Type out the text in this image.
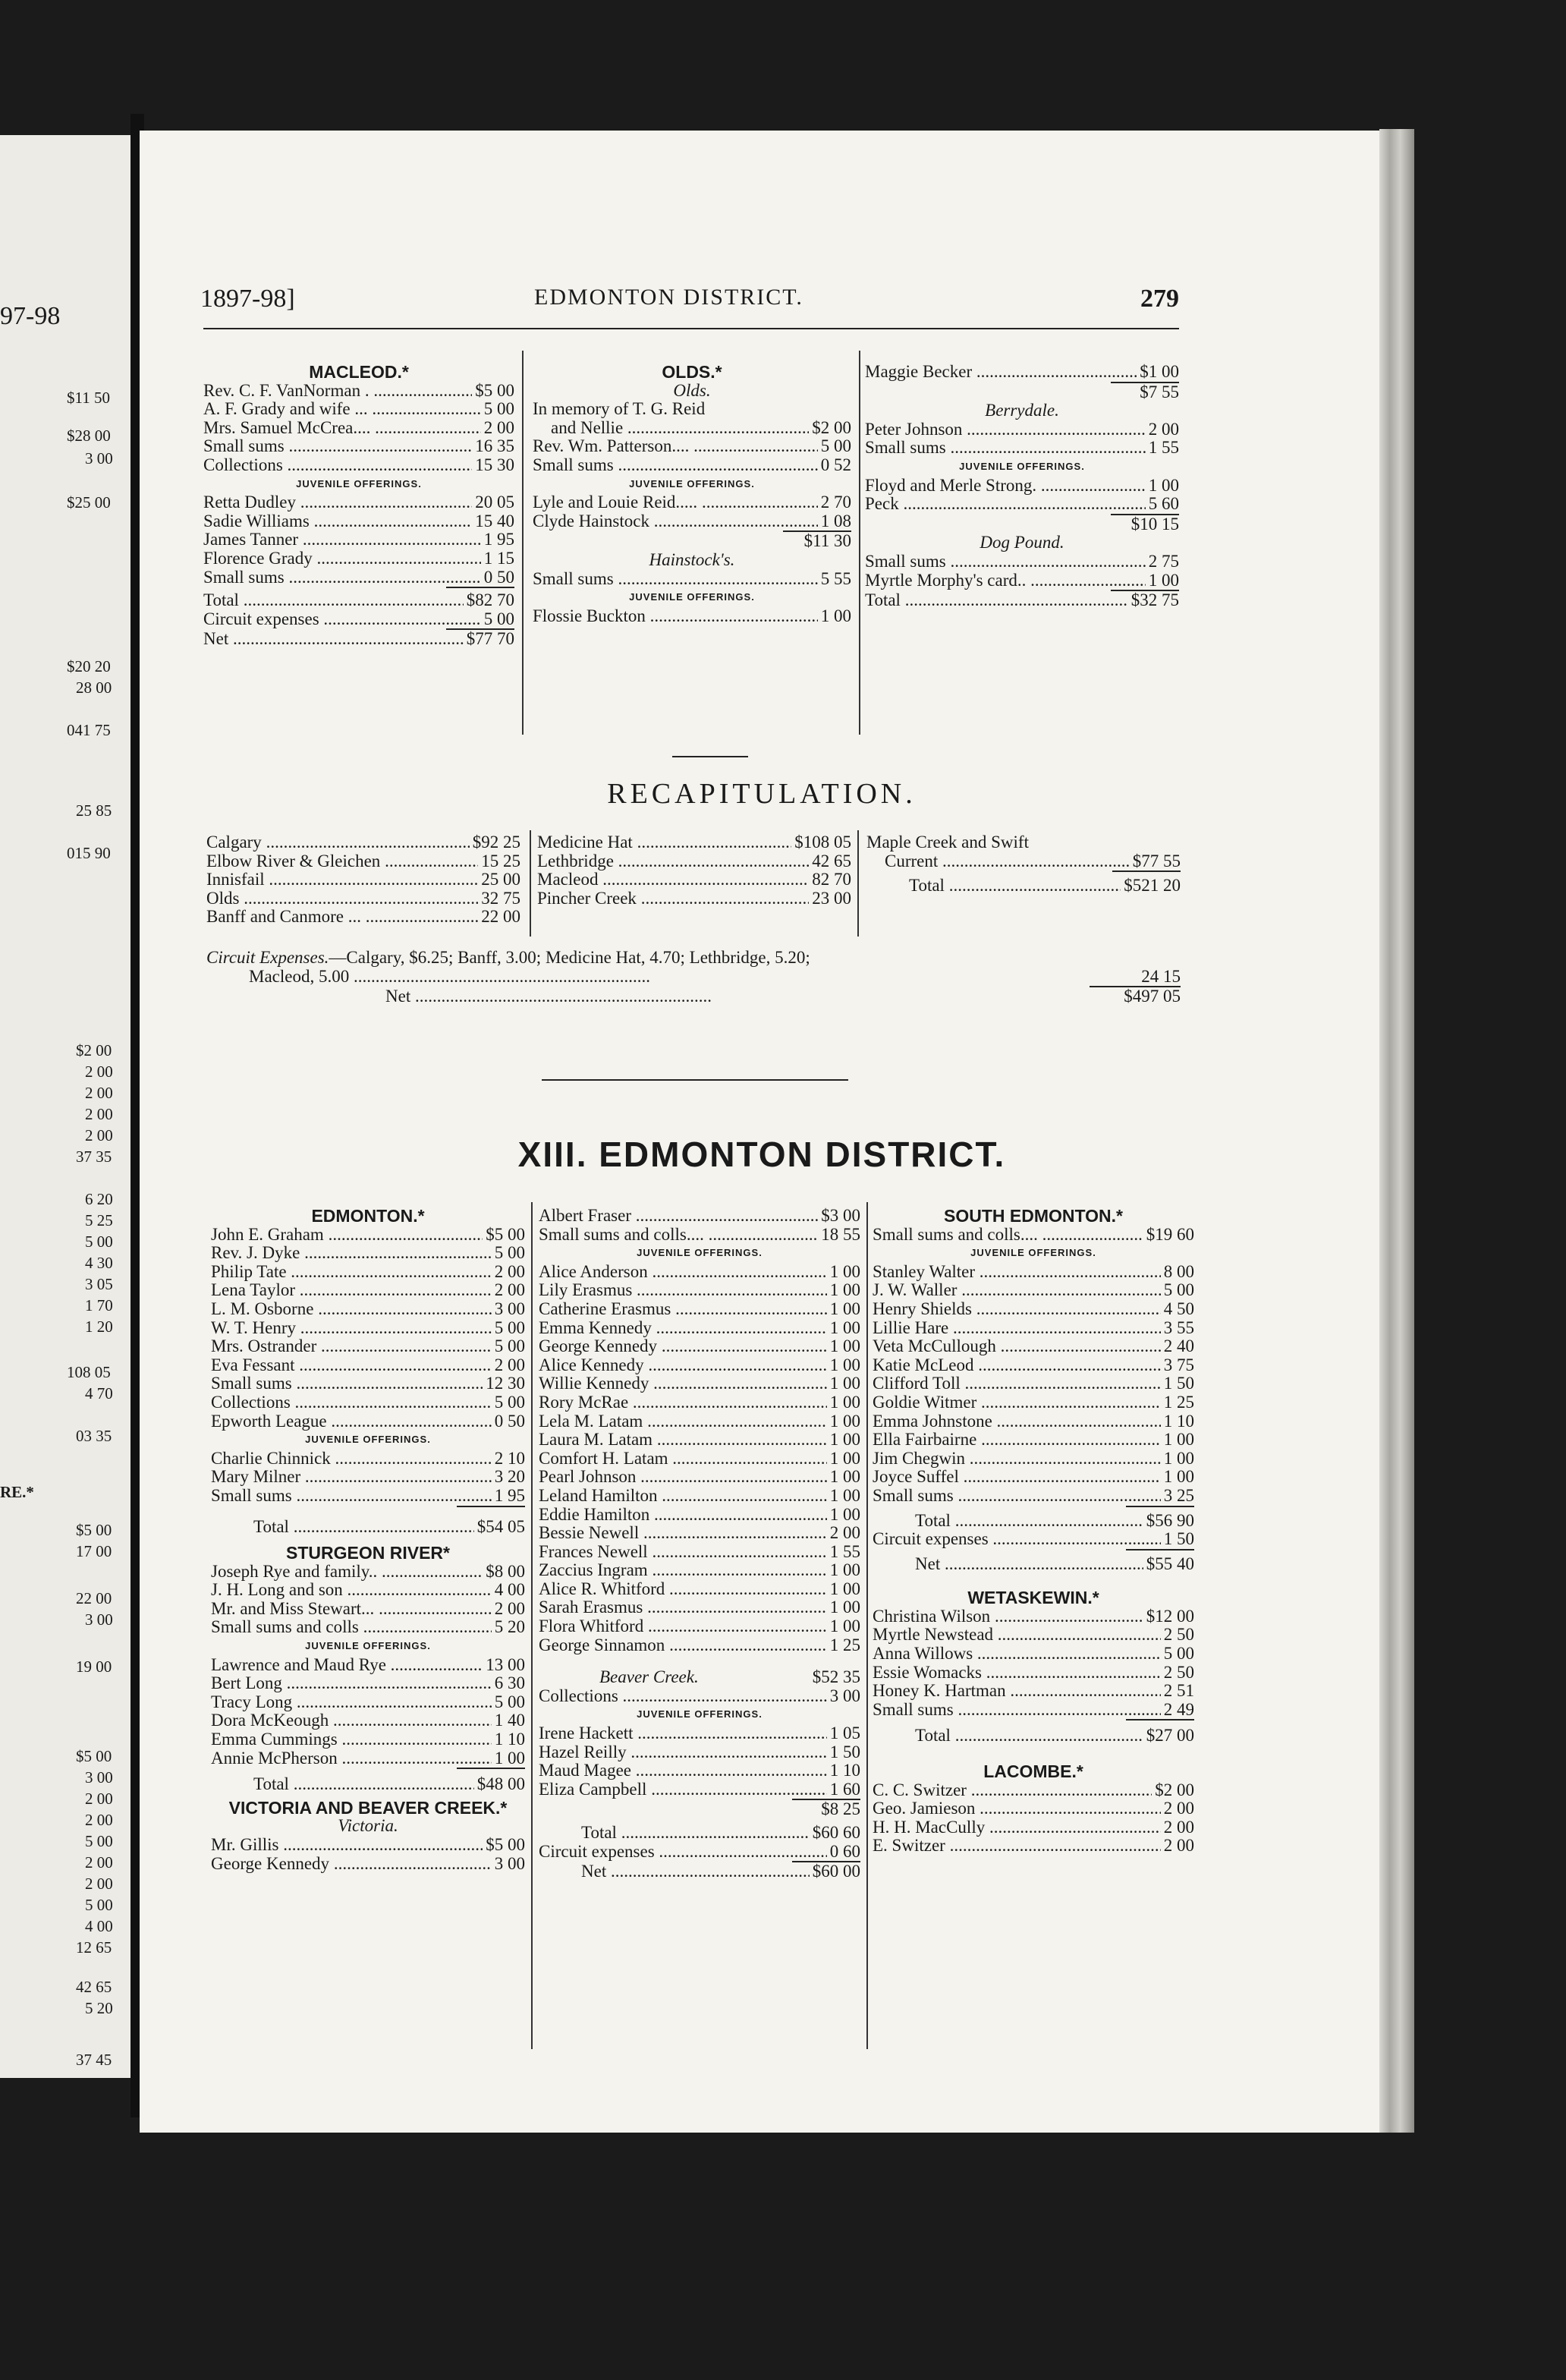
97-98
$11 50
$28 00
3 00
$25 00
$20 20
28 00
041 75
25 85
015 90
$2 00
2 00
2 00
2 00
2 00
37 35
6 20
5 25
5 00
4 30
3 05
1 70
1 20
108 05
4 70
03 35
RE.*
$5 00
17 00
22 00
3 00
19 00
$5 00
3 00
2 00
2 00
5 00
2 00
2 00
5 00
4 00
12 65
42 65
5 20
37 45
1897-98]	EDMONTON DISTRICT.	279
MACLEOD.*
Rev. C. F. VanNorman . .....	$5 00
A. F. Grady and wife ... .....	5 00
Mrs. Samuel McCrea.... .....	2 00
Small sums .....	16 35
Collections .....	15 30
JUVENILE OFFERINGS.
Retta Dudley .....	20 05
Sadie Williams .....	15 40
James Tanner .....	1 95
Florence Grady .....	1 15
Small sums .....	0 50
Total .....	$82 70
Circuit expenses .....	5 00
Net .....	$77 70
OLDS.*
Olds.
In memory of T. G. Reid
and Nellie .....	$2 00
Rev. Wm. Patterson.... .....	5 00
Small sums .....	0 52
JUVENILE OFFERINGS.
Lyle and Louie Reid..... .....	2 70
Clyde Hainstock .....	1 08
$11 30
Hainstock's.
Small sums .....	5 55
JUVENILE OFFERINGS.
Flossie Buckton .....	1 00
Maggie Becker .....	$1 00
$7 55
Berrydale.
Peter Johnson .....	2 00
Small sums .....	1 55
JUVENILE OFFERINGS.
Floyd and Merle Strong. .....	1 00
Peck .....	5 60
$10 15
Dog Pound.
Small sums .....	2 75
Myrtle Morphy's card.. .....	1 00
Total .....	$32 75
RECAPITULATION.
Calgary .....	$92 25
Elbow River & Gleichen .....	15 25
Innisfail .....	25 00
Olds .....	32 75
Banff and Canmore ... .....	22 00
Medicine Hat .....	$108 05
Lethbridge .....	42 65
Macleod .....	82 70
Pincher Creek .....	23 00
Maple Creek and Swift
Current .....	$77 55
Total .....	$521 20
Circuit Expenses.—Calgary, $6.25; Banff, 3.00; Medicine Hat, 4.70; Lethbridge, 5.20;
Macleod, 5.00 .....	24 15
Net .....	$497 05
XIII. EDMONTON DISTRICT.
EDMONTON.*
John E. Graham .....	$5 00
Rev. J. Dyke .....	5 00
Philip Tate .....	2 00
Lena Taylor .....	2 00
L. M. Osborne .....	3 00
W. T. Henry .....	5 00
Mrs. Ostrander .....	5 00
Eva Fessant .....	2 00
Small sums .....	12 30
Collections .....	5 00
Epworth League .....	0 50
JUVENILE OFFERINGS.
Charlie Chinnick .....	2 10
Mary Milner .....	3 20
Small sums .....	1 95
Total .....	$54 05
STURGEON RIVER*
Joseph Rye and family.. .....	$8 00
J. H. Long and son .....	4 00
Mr. and Miss Stewart... .....	2 00
Small sums and colls .....	5 20
JUVENILE OFFERINGS.
Lawrence and Maud Rye .....	13 00
Bert Long .....	6 30
Tracy Long .....	5 00
Dora McKeough .....	1 40
Emma Cummings .....	1 10
Annie McPherson .....	1 00
Total .....	$48 00
VICTORIA AND BEAVER CREEK.*
Victoria.
Mr. Gillis .....	$5 00
George Kennedy .....	3 00
Albert Fraser .....	$3 00
Small sums and colls.... .....	18 55
JUVENILE OFFERINGS.
Alice Anderson .....	1 00
Lily Erasmus .....	1 00
Catherine Erasmus .....	1 00
Emma Kennedy .....	1 00
George Kennedy .....	1 00
Alice Kennedy .....	1 00
Willie Kennedy .....	1 00
Rory McRae .....	1 00
Lela M. Latam .....	1 00
Laura M. Latam .....	1 00
Comfort H. Latam .....	1 00
Pearl Johnson .....	1 00
Leland Hamilton .....	1 00
Eddie Hamilton .....	1 00
Bessie Newell .....	2 00
Frances Newell .....	1 55
Zaccius Ingram .....	1 00
Alice R. Whitford .....	1 00
Sarah Erasmus .....	1 00
Flora Whitford .....	1 00
George Sinnamon .....	1 25
Beaver Creek.	$52 35
Collections .....	3 00
JUVENILE OFFERINGS.
Irene Hackett .....	1 05
Hazel Reilly .....	1 50
Maud Magee .....	1 10
Eliza Campbell .....	1 60
$8 25
Total .....	$60 60
Circuit expenses .....	0 60
Net .....	$60 00
SOUTH EDMONTON.*
Small sums and colls.... .....	$19 60
JUVENILE OFFERINGS.
Stanley Walter .....	8 00
J. W. Waller .....	5 00
Henry Shields .....	4 50
Lillie Hare .....	3 55
Veta McCullough .....	2 40
Katie McLeod .....	3 75
Clifford Toll .....	1 50
Goldie Witmer .....	1 25
Emma Johnstone .....	1 10
Ella Fairbairne .....	1 00
Jim Chegwin .....	1 00
Joyce Suffel .....	1 00
Small sums .....	3 25
Total .....	$56 90
Circuit expenses .....	1 50
Net .....	$55 40
WETASKEWIN.*
Christina Wilson .....	$12 00
Myrtle Newstead .....	2 50
Anna Willows .....	5 00
Essie Womacks .....	2 50
Honey K. Hartman .....	2 51
Small sums .....	2 49
Total .....	$27 00
LACOMBE.*
C. C. Switzer .....	$2 00
Geo. Jamieson .....	2 00
H. H. MacCully .....	2 00
E. Switzer .....	2 00
